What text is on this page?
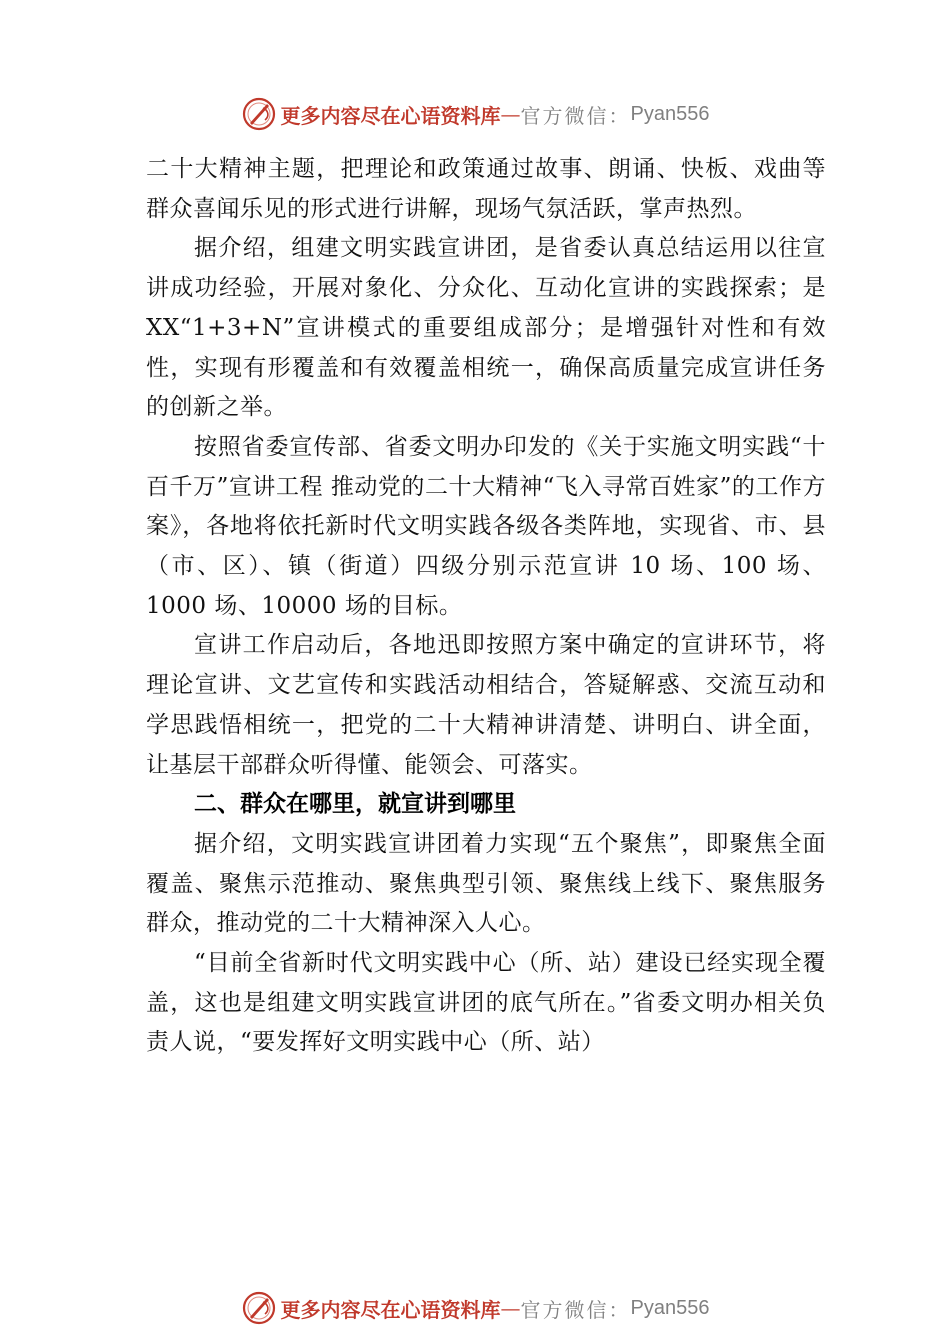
更多内容尽在心语资料库 — 官方微信： Pyan556

二十大精神主题，把理论和政策通过故事、朗诵、快板、戏曲等群众喜闻乐见的形式进行讲解，现场气氛活跃，掌声热烈。

据介绍，组建文明实践宣讲团，是省委认真总结运用以往宣讲成功经验，开展对象化、分众化、互动化宣讲的实践探索；是 XX“1+3+N”宣讲模式的重要组成部分；是增强针对性和有效性，实现有形覆盖和有效覆盖相统一，确保高质量完成宣讲任务的创新之举。

按照省委宣传部、省委文明办印发的《关于实施文明实践“十百千万”宣讲工程 推动党的二十大精神“飞入寻常百姓家”的工作方案》，各地将依托新时代文明实践各级各类阵地，实现省、市、县（市、区）、镇（街道）四级分别示范宣讲 10 场、100 场、1000 场、10000 场的目标。

宣讲工作启动后，各地迅即按照方案中确定的宣讲环节，将理论宣讲、文艺宣传和实践活动相结合，答疑解惑、交流互动和学思践悟相统一，把党的二十大精神讲清楚、讲明白、讲全面，让基层干部群众听得懂、能领会、可落实。

二、群众在哪里，就宣讲到哪里

据介绍，文明实践宣讲团着力实现“五个聚焦”，即聚焦全面覆盖、聚焦示范推动、聚焦典型引领、聚焦线上线下、聚焦服务群众，推动党的二十大精神深入人心。

“目前全省新时代文明实践中心（所、站）建设已经实现全覆盖，这也是组建文明实践宣讲团的底气所在。”省委文明办相关负责人说，“要发挥好文明实践中心（所、站）

更多内容尽在心语资料库 — 官方微信： Pyan556
